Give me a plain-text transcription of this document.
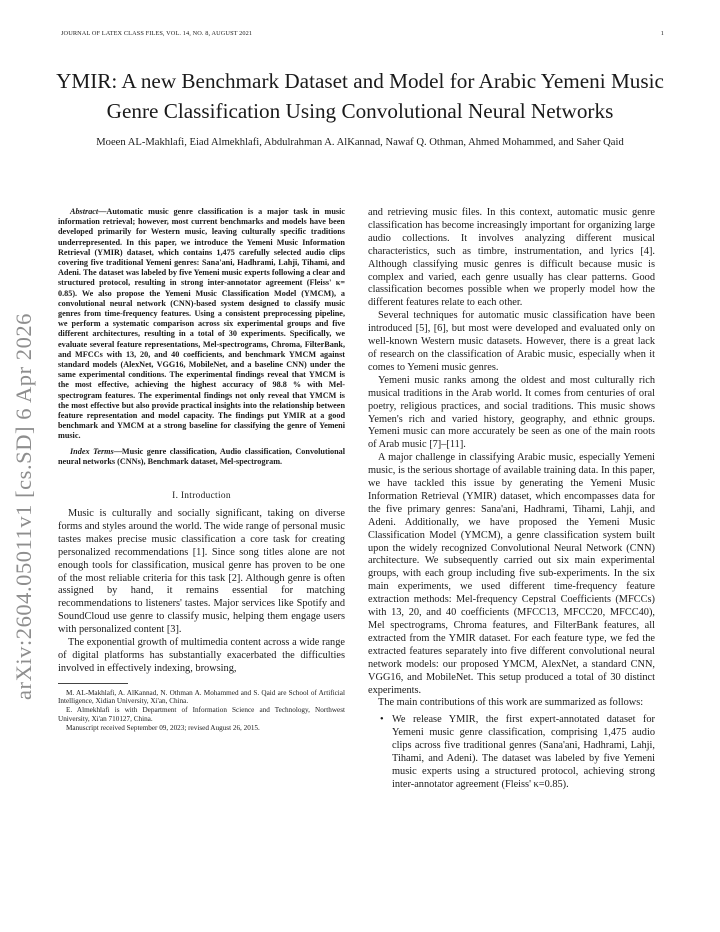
JOURNAL OF LATEX CLASS FILES, VOL. 14, NO. 8, AUGUST 2021	1
arXiv:2604.05011v1 [cs.SD] 6 Apr 2026
YMIR: A new Benchmark Dataset and Model for Arabic Yemeni Music Genre Classification Using Convolutional Neural Networks
Moeen AL-Makhlafi, Eiad Almekhlafi, Abdulrahman A. AlKannad, Nawaf Q. Othman, Ahmed Mohammed, and Saher Qaid
Abstract—Automatic music genre classification is a major task in music information retrieval; however, most current benchmarks and models have been developed primarily for Western music, leaving culturally specific traditions underrepresented. In this paper, we introduce the Yemeni Music Information Retrieval (YMIR) dataset, which contains 1,475 carefully selected audio clips covering five traditional Yemeni genres: Sana'ani, Hadhrami, Lahji, Tihami, and Adeni. The dataset was labeled by five Yemeni music experts following a clear and structured protocol, resulting in strong inter-annotator agreement (Fleiss' κ= 0.85). We also propose the Yemeni Music Classification Model (YMCM), a convolutional neural network (CNN)-based system designed to classify music genres from time-frequency features. Using a consistent preprocessing pipeline, we perform a systematic comparison across six experimental groups and five different architectures, resulting in a total of 30 experiments. Specifically, we evaluate several feature representations, Mel-spectrograms, Chroma, FilterBank, and MFCCs with 13, 20, and 40 coefficients, and benchmark YMCM against standard models (AlexNet, VGG16, MobileNet, and a baseline CNN) under the same experimental conditions. The experimental findings reveal that YMCM is the most effective, achieving the highest accuracy of 98.8 % with Mel-spectrogram features. The experimental findings not only reveal that YMCM is the most effective but also provide practical insights into the relationship between feature representation and model capacity. The findings put YMIR at a good benchmark and YMCM at a strong baseline for classifying the genre of Yemeni music.
Index Terms—Music genre classification, Audio classification, Convolutional neural networks (CNNs), Benchmark dataset, Mel-spectrogram.
I. Introduction

Music is culturally and socially significant, taking on diverse forms and styles around the world. The wide range of personal music tastes makes precise music classification a core task for creating personalized recommendations [1]. Since song titles alone are not enough tools for classification, musical genre has proven to be one of the most reliable criteria for this task [2]. Although genre is often assigned by hand, it remains essential for matching recommendations to listeners' tastes. Major services like Spotify and SoundCloud use genre to classify music, helping them engage users with personalized content [3].

The exponential growth of multimedia content across a wide range of digital platforms has substantially exacerbated the difficulties involved in effectively indexing, browsing,

M. AL-Makhlafi, A. AlKannad, N. Othman A. Mohammed and S. Qaid are School of Artificial Intelligence, Xidian University, Xi'an, China.

E. Almekhlafi is with Department of Information Science and Technology, Northwest University, Xi'an 710127, China.

Manuscript received September 09, 2023; revised August 26, 2015.

and retrieving music files. In this context, automatic music genre classification has become increasingly important for organizing large audio collections. It involves analyzing different musical characteristics, such as timbre, instrumentation, and lyrics [4]. Although classifying music genres is difficult because music is complex and varied, each genre usually has clear patterns. Good classification becomes possible when we properly model how the different features relate to each other.

Several techniques for automatic music classification have been introduced [5], [6], but most were developed and evaluated only on well-known Western music datasets. However, there is a great lack of research on the classification of Arabic music, especially when it comes to Yemeni music genres.

Yemeni music ranks among the oldest and most culturally rich musical traditions in the Arab world. It comes from centuries of oral poetry, religious practices, and social traditions. This music shows Yemen's rich and varied history, geography, and ethnic groups. Yemeni music can more accurately be seen as one of the main roots of Arab music [7]–[11].

A major challenge in classifying Arabic music, especially Yemeni music, is the serious shortage of available training data. In this paper, we have tackled this issue by generating the Yemeni Music Information Retrieval (YMIR) dataset, which encompasses data for the five primary genres: Sana'ani, Hadhrami, Tihami, Lahji, and Adeni. Additionally, we have proposed the Yemeni Music Classification Model (YMCM), a genre classification system built upon the widely recognized Convolutional Neural Network (CNN) architecture. We subsequently carried out six main experimental groups, with each group including five sub-experiments. In the six main experiments, we used different time-frequency feature extraction methods: Mel-frequency Cepstral Coefficients (MFCCs) with 13, 20, and 40 coefficients (MFCC13, MFCC20, MFCC40), Mel spectrograms, Chroma features, and FilterBank features, all extracted from the YMIR dataset. For each feature type, we fed the extracted features separately into five different convolutional neural network models: our proposed YMCM, AlexNet, a standard CNN, VGG16, and MobileNet. This setup produced a total of 30 distinct experiments.

The main contributions of this work are summarized as follows:

• We release YMIR, the first expert-annotated dataset for Yemeni music genre classification, comprising 1,475 audio clips across five traditional genres (Sana'ani, Hadhrami, Lahji, Tihami, and Adeni). The dataset was labeled by five Yemeni music experts using a structured protocol, achieving strong inter-annotator agreement (Fleiss' κ=0.85).
